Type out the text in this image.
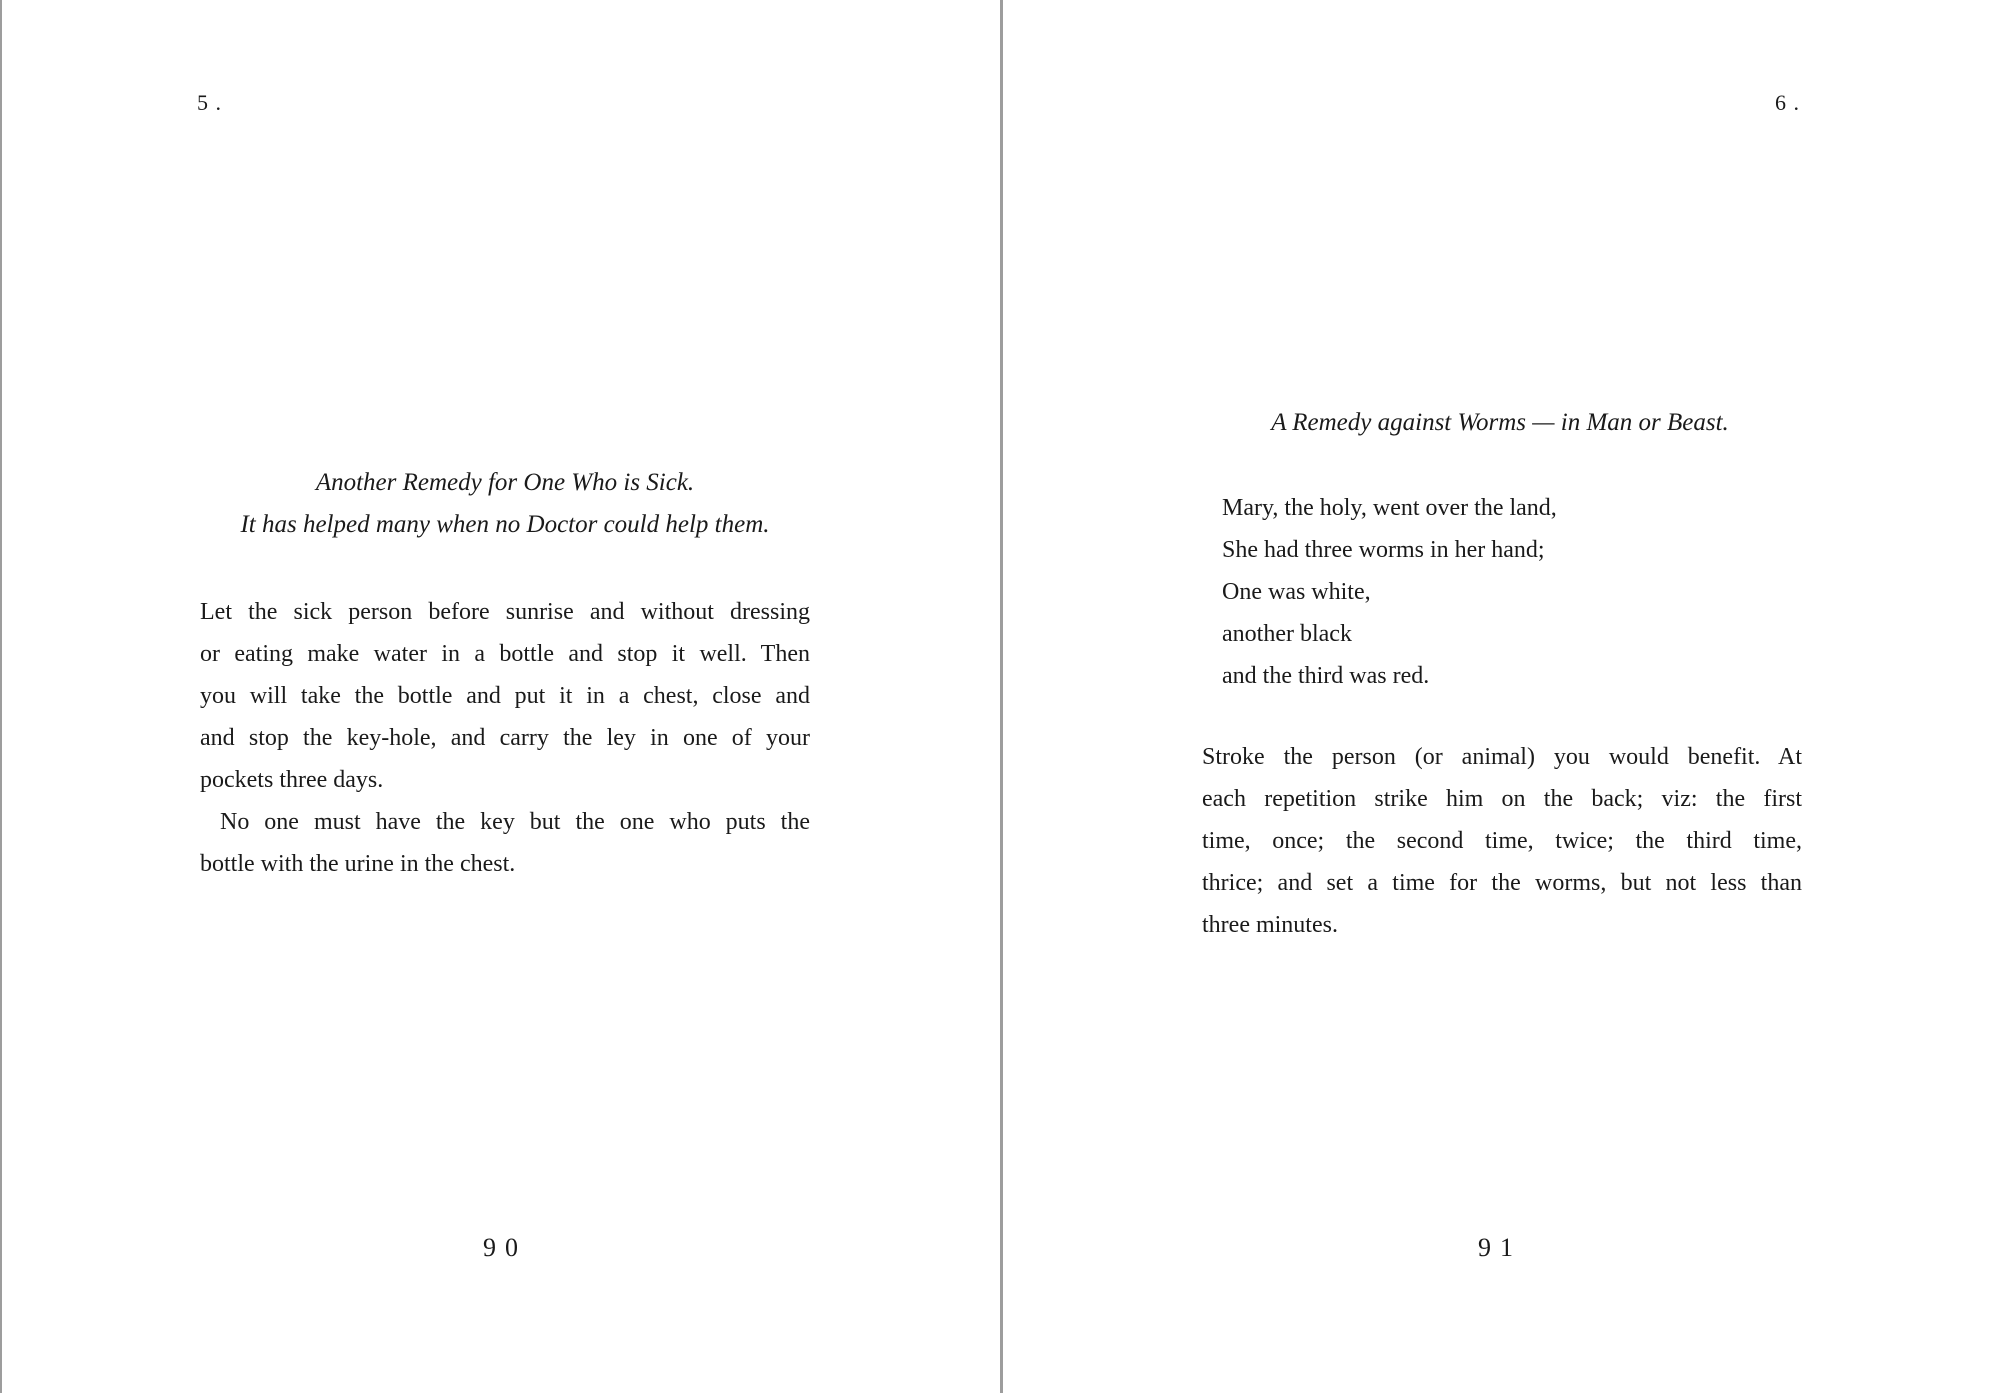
5 .
Another Remedy for One Who is Sick.
It has helped many when no Doctor could help them.
Let the sick person before sunrise and without dressing
or eating make water in a bottle and stop it well. Then
you will take the bottle and put it in a chest, close and
and stop the key-hole, and carry the ley in one of your
pockets three days.
No one must have the key but the one who puts the
bottle with the urine in the chest.
90
6 .
A Remedy against Worms — in Man or Beast.
Mary, the holy, went over the land,
She had three worms in her hand;
One was white,
another black
and the third was red.
Stroke the person (or animal) you would benefit. At
each repetition strike him on the back; viz: the first
time, once; the second time, twice; the third time,
thrice; and set a time for the worms, but not less than
three minutes.
91
